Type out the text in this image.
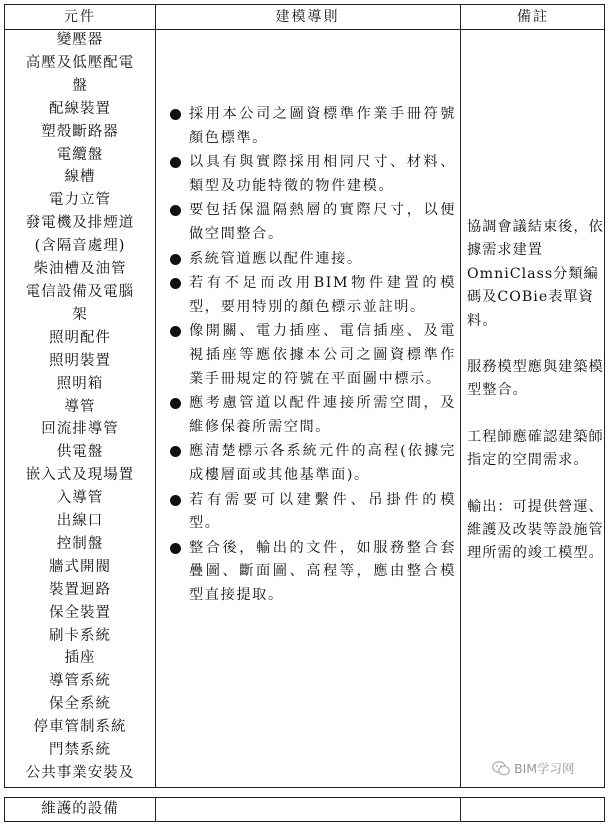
元件	建模導則	備註
變壓器
高壓及低壓配電
盤
配線裝置
塑殼斷路器
電纜盤
線槽
電力立管
發電機及排煙道
(含隔音處理)
柴油槽及油管
電信設備及電腦
架
照明配件
照明裝置
照明箱
導管
回流排導管
供電盤
嵌入式及現場置
入導管
出線口
控制盤
牆式開閥
裝置迴路
保全裝置
刷卡系統
插座
導管系統
保全系統
停車管制系統
門禁系統
公共事業安裝及
採用本公司之圖資標準作業手冊符號顏色標準。
以具有與實際採用相同尺寸、材料、類型及功能特徵的物件建模。
要包括保溫隔熱層的實際尺寸，以便做空間整合。
系統管道應以配件連接。
若有不足而改用BIM物件建置的模型，要用特別的顏色標示並註明。
像開關、電力插座、電信插座、及電視插座等應依據本公司之圖資標準作業手冊規定的符號在平面圖中標示。
應考慮管道以配件連接所需空間，及維修保養所需空間。
應清楚標示各系統元件的高程(依據完成樓層面或其他基準面)。
若有需要可以建繫件、吊掛件的模型。
整合後，輸出的文件，如服務整合套疊圖、斷面圖、高程等，應由整合模型直接提取。

協調會議結束後，依據需求建置OmniClass分類編碼及COBie表單資料。

服務模型應與建築模型整合。

工程師應確認建築師指定的空間需求。

輸出：可提供營運、維護及改裝等設施管理所需的竣工模型。

BIM学习网
維護的設備
